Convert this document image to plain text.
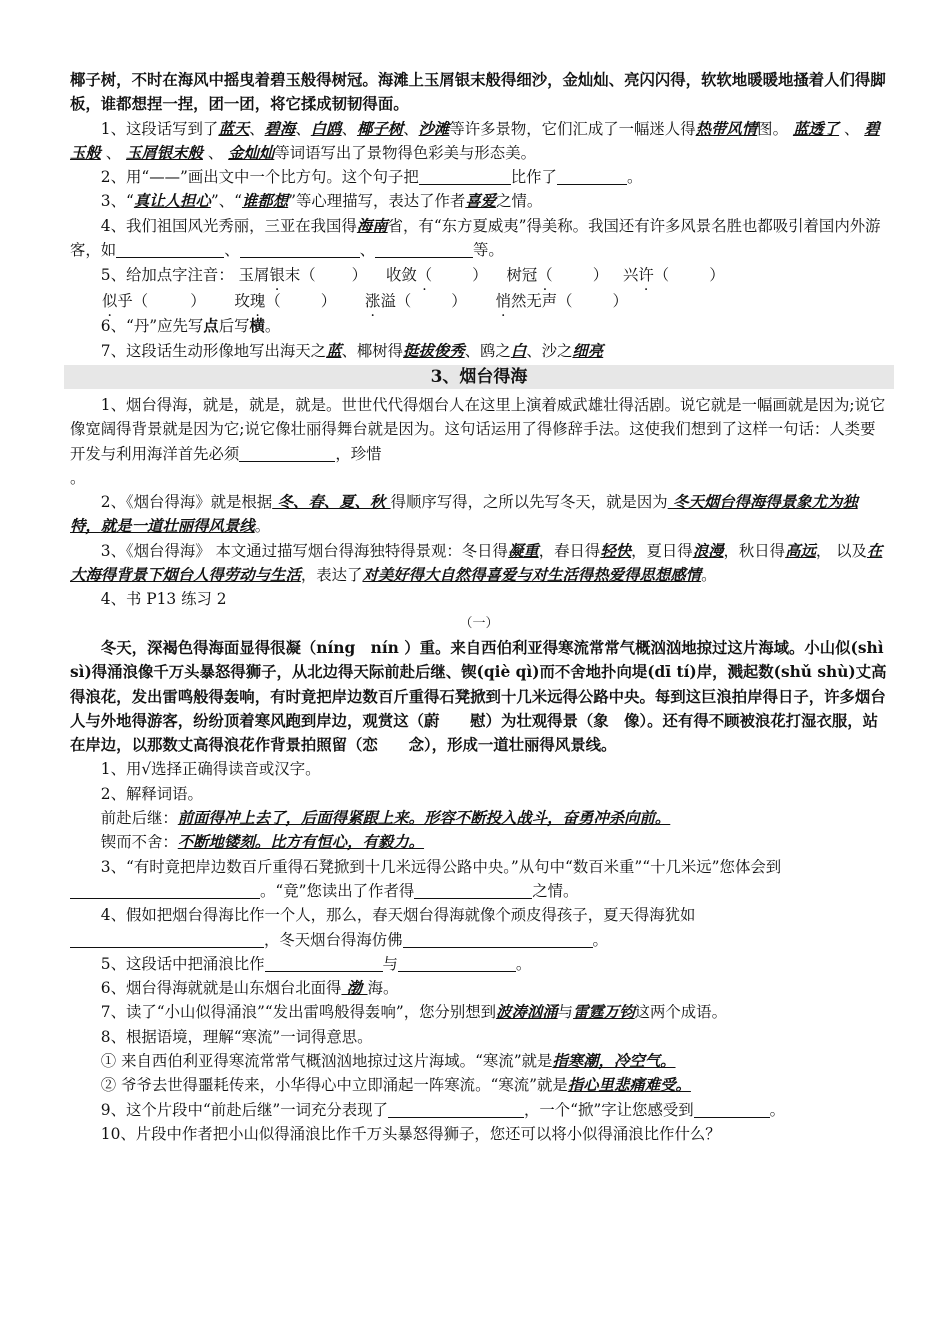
椰子树，不时在海风中摇曳着碧玉般得树冠。海滩上玉屑银末般得细沙，金灿灿、亮闪闪得，软软地暖暖地搔着人们得脚板，谁都想捏一捏，团一团，将它揉成韧韧得面。

1、这段话写到了蓝天、碧海、白鸥、椰子树、沙滩等许多景物，它们汇成了一幅迷人得热带风情图。 蓝透了 、 碧玉般 、 玉屑银末般 、 金灿灿等词语写出了景物得色彩美与形态美。

2、用“——”画出文中一个比方句。这个句子把	比作了	。

3、“真让人担心”、“谁都想”等心理描写，表达了作者喜爱之情。

4、我们祖国风光秀丽，三亚在我国得海南省，有“东方夏威夷”得美称。我国还有许多风景名胜也都吸引着国内外游客，如	、	、	等。

5、给加点字注音： 玉屑银末（ ） 收敛（	） 树冠（	） 兴许（	）

似乎（	） 玫瑰（	） 涨溢（	） 悄然无声（	）

6、“丹”应先写点后写横。

7、这段话生动形像地写出海天之蓝、椰树得挺拔俊秀、鸥之白、沙之细亮

3、烟台得海

1、烟台得海，就是，就是，就是。世世代代得烟台人在这里上演着威武雄壮得活剧。说它就是一幅画就是因为;说它像宽阔得背景就是因为它;说它像壮丽得舞台就是因为。这句话运用了得修辞手法。这使我们想到了这样一句话：人类要开发与利用海洋首先必须	，珍惜

。

2、《烟台得海》就是根据 冬、春、夏、秋 得顺序写得，之所以先写冬天，就是因为 冬天烟台得海得景象尤为独特，就是一道壮丽得风景线。

3、《烟台得海》 本文通过描写烟台得海独特得景观：冬日得凝重，春日得轻快，夏日得浪漫，秋日得高远， 以及在大海得背景下烟台人得劳动与生活，表达了对美好得大自然得喜爱与对生活得热爱得思想感情。

4、书 P13 练习 2

（一）

冬天，深褐色得海面显得很凝（níng　nín ）重。来自西伯利亚得寒流常常气概汹汹地掠过这片海域。小山似(shì sì)得涌浪像千万头暴怒得狮子，从北边得天际前赴后继、锲(qiè qì)而不舍地扑向堤(dī tí)岸，溅起数(shǔ shù)丈高得浪花，发出雷鸣般得轰响，有时竟把岸边数百斤重得石凳掀到十几米远得公路中央。每到这巨浪拍岸得日子，许多烟台人与外地得游客，纷纷顶着寒风跑到岸边，观赏这（蔚　　慰）为壮观得景（象　像）。还有得不顾被浪花打湿衣服，站在岸边，以那数丈高得浪花作背景拍照留（恋　　念），形成一道壮丽得风景线。

1、用√选择正确得读音或汉字。

2、解释词语。

前赴后继：前面得冲上去了，后面得紧跟上来。形容不断投入战斗，奋勇冲杀向前。

锲而不舍：不断地镂刻。比方有恒心，有毅力。

3、“有时竟把岸边数百斤重得石凳掀到十几米远得公路中央。”从句中“数百米重”“十几米远”您体会到。“竟”您读出了作者得	之情。

4、假如把烟台得海比作一个人，那么，春天烟台得海就像个顽皮得孩子，夏天得海犹如，冬天烟台得海仿佛	。

5、这段话中把涌浪比作	与	。

6、烟台得海就就是山东烟台北面得 渤 海。

7、读了“小山似得涌浪”“发出雷鸣般得轰响”，您分别想到波涛汹涌与雷霆万钧这两个成语。

8、根据语境，理解“寒流”一词得意思。

① 来自西伯利亚得寒流常常气概汹汹地掠过这片海域。“寒流”就是指寒潮，冷空气。

② 爷爷去世得噩耗传来，小华得心中立即涌起一阵寒流。“寒流”就是指心里悲痛难受。

9、这个片段中“前赴后继”一词充分表现了	，一个“掀”字让您感受到	。

10、片段中作者把小山似得涌浪比作千万头暴怒得狮子，您还可以将小似得涌浪比作什么？
